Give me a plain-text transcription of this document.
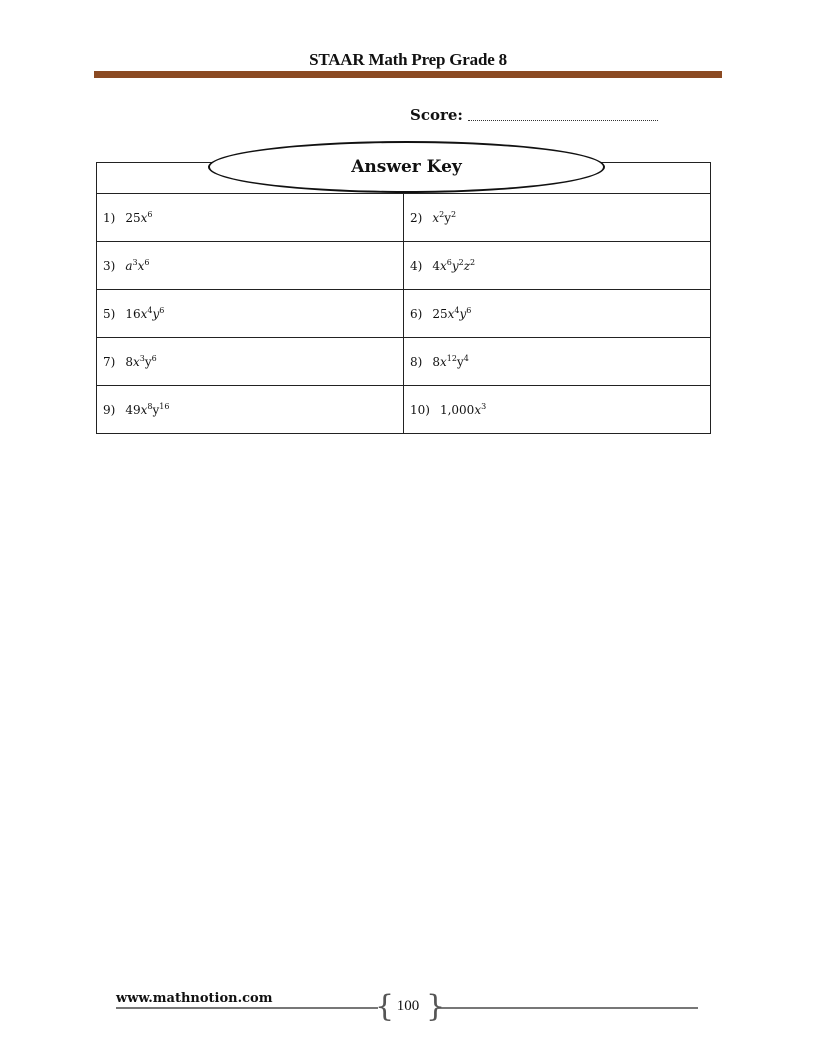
STAAR Math Prep Grade 8
Score:

1) $25x^6$	2) $x^2y^2$
3) $a^3x^6$	4) $4x^6y^2z^2$
5) $16x^4y^6$	6) $25x^4y^6$
7) $8x^3y^6$	8) $8x^{12}y^4$
9) $49x^8y^{16}$	10) $1,000x^3$
Answer Key
www.mathnotion.com	{ }
100
